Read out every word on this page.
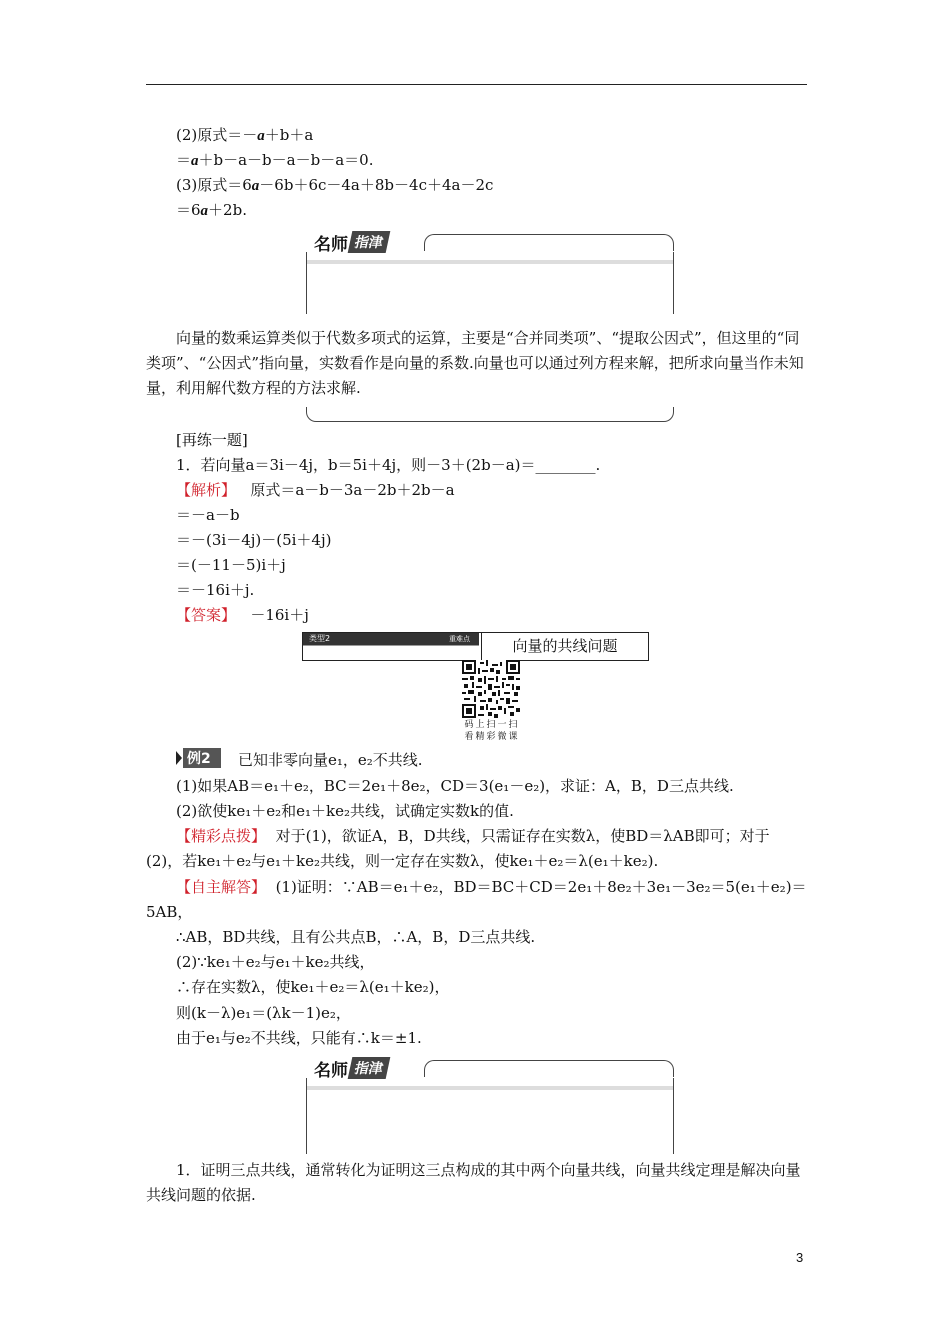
(2)原式＝－a＋b＋a
＝a＋b－a－b－a－b－a＝0.
(3)原式＝6a－6b＋6c－4a＋8b－4c＋4a－2c
＝6a＋2b.
名师 指津
向量的数乘运算类似于代数多项式的运算，主要是“合并同类项”、“提取公因式”，但这里的“同类项”、“公因式”指向量，实数看作是向量的系数.向量也可以通过列方程来解，把所求向量当作未知量，利用解代数方程的方法求解.
[再练一题]
1．若向量a＝3i－4j，b＝5i＋4j，则－3＋(2b－a)＝________.
【解析】 原式＝a－b－3a－2b＋2b－a
＝－a－b
＝－(3i－4j)－(5i＋4j)
＝(－11－5)i＋j
＝－16i＋j.
【答案】 －16i＋j
类型2	重难点	向量的共线问题
码上扫一扫
看精彩微课
例2 已知非零向量e₁，e₂不共线.
(1)如果AB＝e₁＋e₂，BC＝2e₁＋8e₂，CD＝3(e₁－e₂)，求证：A，B，D三点共线.
(2)欲使ke₁＋e₂和e₁＋ke₂共线，试确定实数k的值.
【精彩点拨】 对于(1)，欲证A，B，D共线，只需证存在实数λ，使BD＝λAB即可；对于
(2)，若ke₁＋e₂与e₁＋ke₂共线，则一定存在实数λ，使ke₁＋e₂＝λ(e₁＋ke₂).
【自主解答】 (1)证明：∵AB＝e₁＋e₂，BD＝BC＋CD＝2e₁＋8e₂＋3e₁－3e₂＝5(e₁＋e₂)＝
5AB，
∴AB，BD共线，且有公共点B，∴A，B，D三点共线.
(2)∵ke₁＋e₂与e₁＋ke₂共线，
∴存在实数λ，使ke₁＋e₂＝λ(e₁＋ke₂)，
则(k－λ)e₁＝(λk－1)e₂，
由于e₁与e₂不共线，只能有∴k＝±1.
名师 指津
1．证明三点共线，通常转化为证明这三点构成的其中两个向量共线，向量共线定理是解决向量共线问题的依据.
3
